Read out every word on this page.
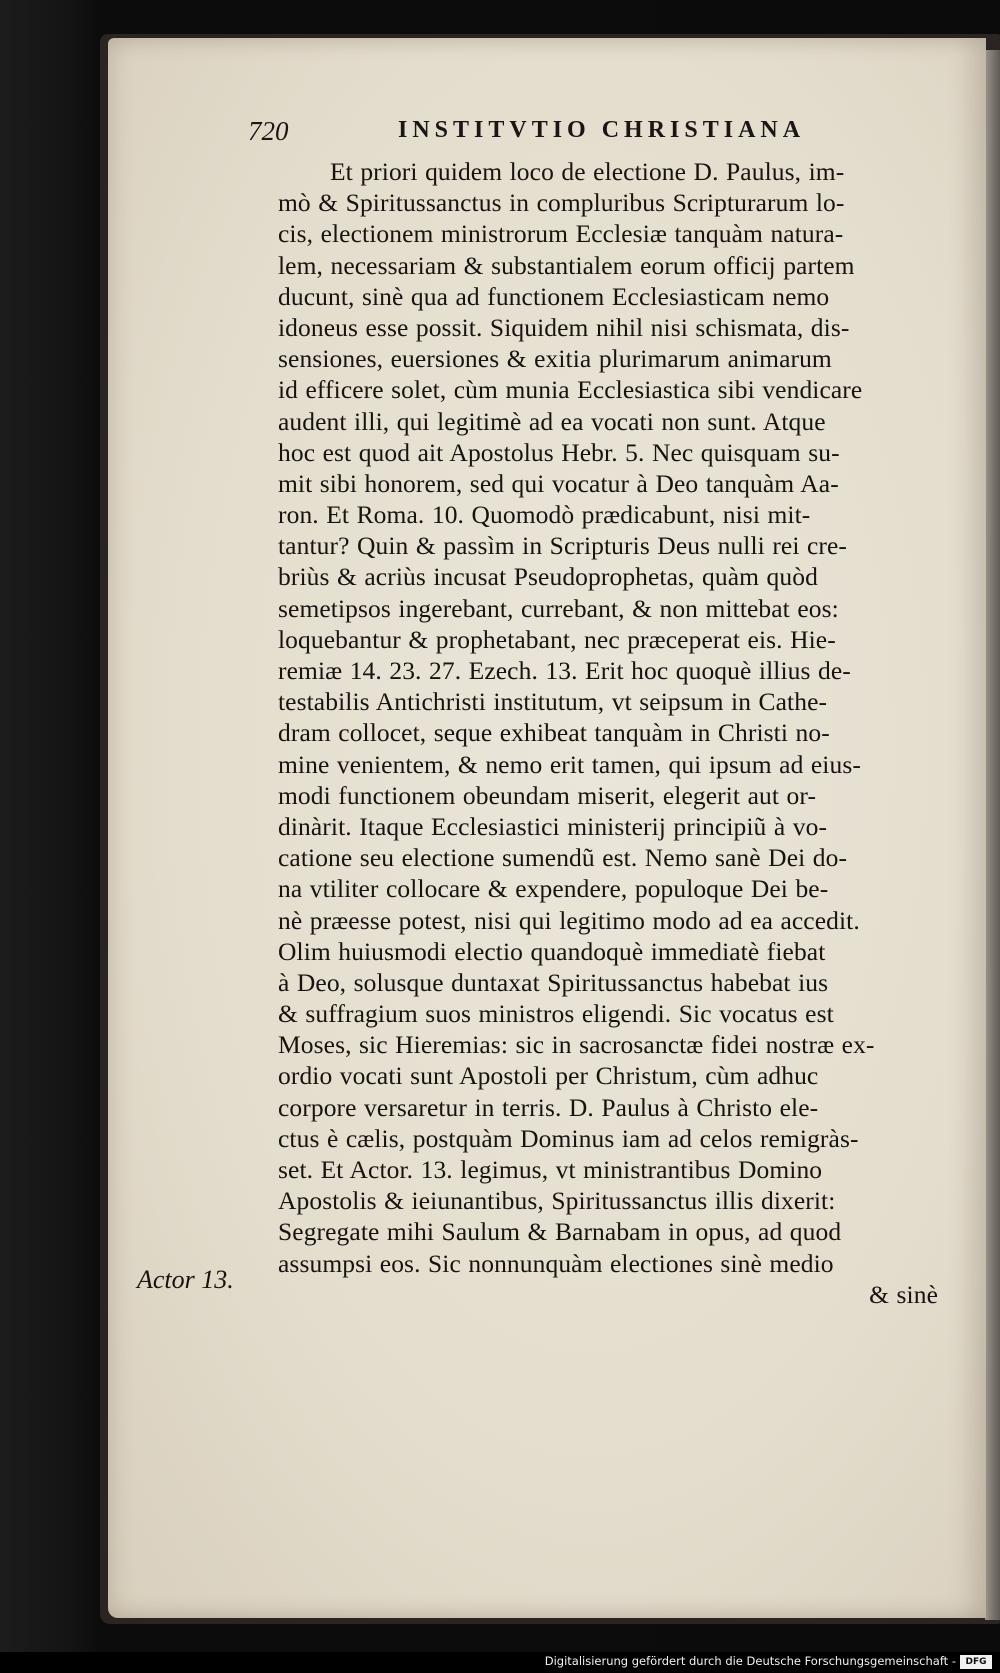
720	INSTITVTIO CHRISTIANA
Et priori quidem loco de electione D. Paulus, im-
mò & Spiritussanctus in compluribus Scripturarum lo-
cis, electionem ministrorum Ecclesiæ tanquàm natura-
lem, necessariam & substantialem eorum officij partem
ducunt, sinè qua ad functionem Ecclesiasticam nemo
idoneus esse possit. Siquidem nihil nisi schismata, dis-
sensiones, euersiones & exitia plurimarum animarum
id efficere solet, cùm munia Ecclesiastica sibi vendicare
audent illi, qui legitimè ad ea vocati non sunt. Atque
hoc est quod ait Apostolus Hebr. 5. Nec quisquam su-
mit sibi honorem, sed qui vocatur à Deo tanquàm Aa-
ron. Et Roma. 10. Quomodò prædicabunt, nisi mit-
tantur? Quin & passìm in Scripturis Deus nulli rei cre-
briùs & acriùs incusat Pseudoprophetas, quàm quòd
semetipsos ingerebant, currebant, & non mittebat eos:
loquebantur & prophetabant, nec præceperat eis. Hie-
remiæ 14. 23. 27. Ezech. 13. Erit hoc quoquè illius de-
testabilis Antichristi institutum, vt seipsum in Cathe-
dram collocet, seque exhibeat tanquàm in Christi no-
mine venientem, & nemo erit tamen, qui ipsum ad eius-
modi functionem obeundam miserit, elegerit aut or-
dinàrit. Itaque Ecclesiastici ministerij principiũ à vo-
catione seu electione sumendũ est. Nemo sanè Dei do-
na vtiliter collocare & expendere, populoque Dei be-
nè præesse potest, nisi qui legitimo modo ad ea accedit.
Olim huiusmodi electio quandoquè immediatè fiebat
à Deo, solusque duntaxat Spiritussanctus habebat ius
& suffragium suos ministros eligendi. Sic vocatus est
Moses, sic Hieremias: sic in sacrosanctæ fidei nostræ ex-
ordio vocati sunt Apostoli per Christum, cùm adhuc
corpore versaretur in terris. D. Paulus à Christo ele-
ctus è cælis, postquàm Dominus iam ad celos remigràs-
set. Et Actor. 13. legimus, vt ministrantibus Domino
Apostolis & ieiunantibus, Spiritussanctus illis dixerit:
Segregate mihi Saulum & Barnabam in opus, ad quod
assumpsi eos. Sic nonnunquàm electiones sinè medio
& sinè
Actor 13.
Digitalisierung gefördert durch die Deutsche Forschungsgemeinschaft -	DFG
